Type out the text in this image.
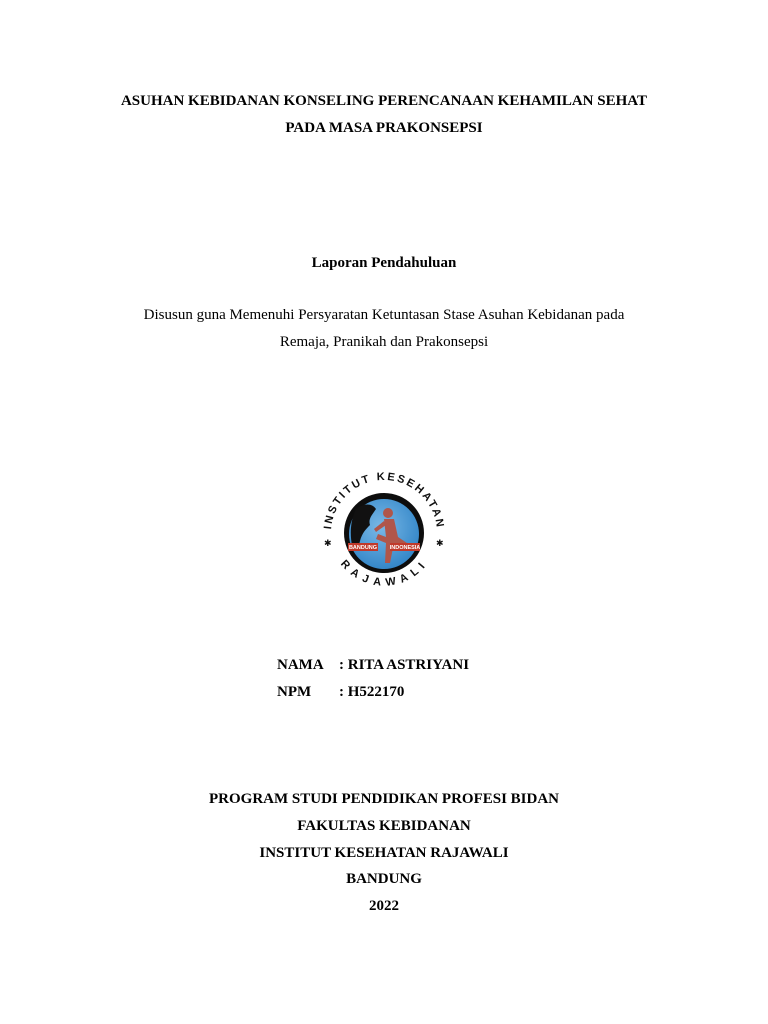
ASUHAN KEBIDANAN KONSELING PERENCANAAN KEHAMILAN SEHAT
PADA MASA PRAKONSEPSI
Laporan Pendahuluan
Disusun guna Memenuhi Persyaratan Ketuntasan Stase Asuhan Kebidanan pada
Remaja, Pranikah dan Prakonsepsi
BANDUNG INDONESIA
INSTITUT KESEHATAN
RAJAWALI
✱	✱
NAMA : RITA ASTRIYANI
NPM : H522170
PROGRAM STUDI PENDIDIKAN PROFESI BIDAN
FAKULTAS KEBIDANAN
INSTITUT KESEHATAN RAJAWALI
BANDUNG
2022
